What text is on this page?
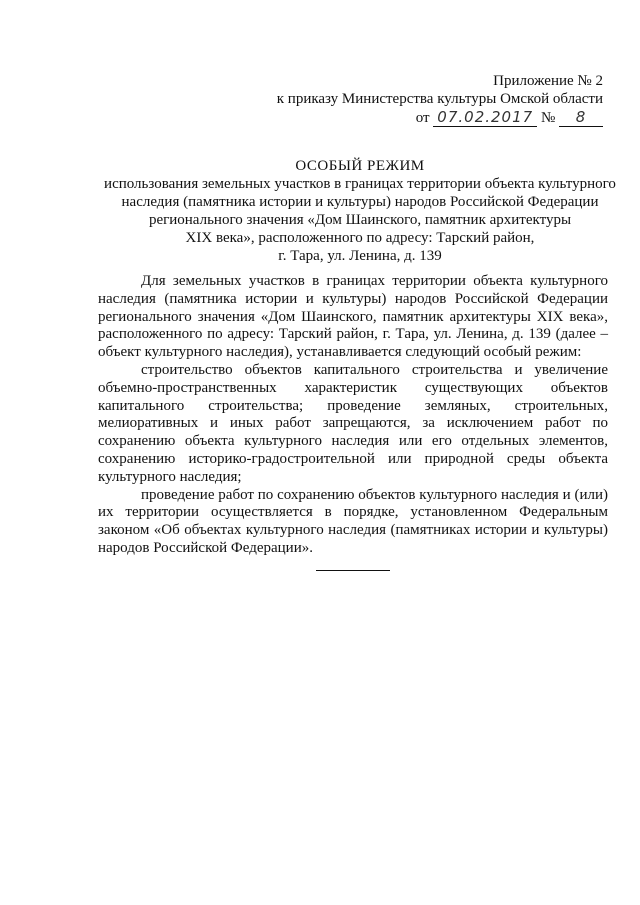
Приложение № 2
к приказу Министерства культуры Омской области
от 07.02.2017 № 8
ОСОБЫЙ РЕЖИМ
использования земельных участков в границах территории объекта культурного
наследия (памятника истории и культуры) народов Российской Федерации
регионального значения «Дом Шаинского, памятник архитектуры
XIX века», расположенного по адресу: Тарский район,
г. Тара, ул. Ленина, д. 139

Для земельных участков в границах территории объекта культурного наследия (памятника истории и культуры) народов Российской Федерации регионального значения «Дом Шаинского, памятник архитектуры XIX века», расположенного по адресу: Тарский район, г. Тара, ул. Ленина, д. 139 (далее – объект культурного наследия), устанавливается следующий особый режим:

строительство объектов капитального строительства и увеличение объемно-пространственных характеристик существующих объектов капитального строительства; проведение земляных, строительных, мелиоративных и иных работ запрещаются, за исключением работ по сохранению объекта культурного наследия или его отдельных элементов, сохранению историко-градостроительной или природной среды объекта культурного наследия;

проведение работ по сохранению объектов культурного наследия и (или) их территории осуществляется в порядке, установленном Федеральным законом «Об объектах культурного наследия (памятниках истории и культуры) народов Российской Федерации».
